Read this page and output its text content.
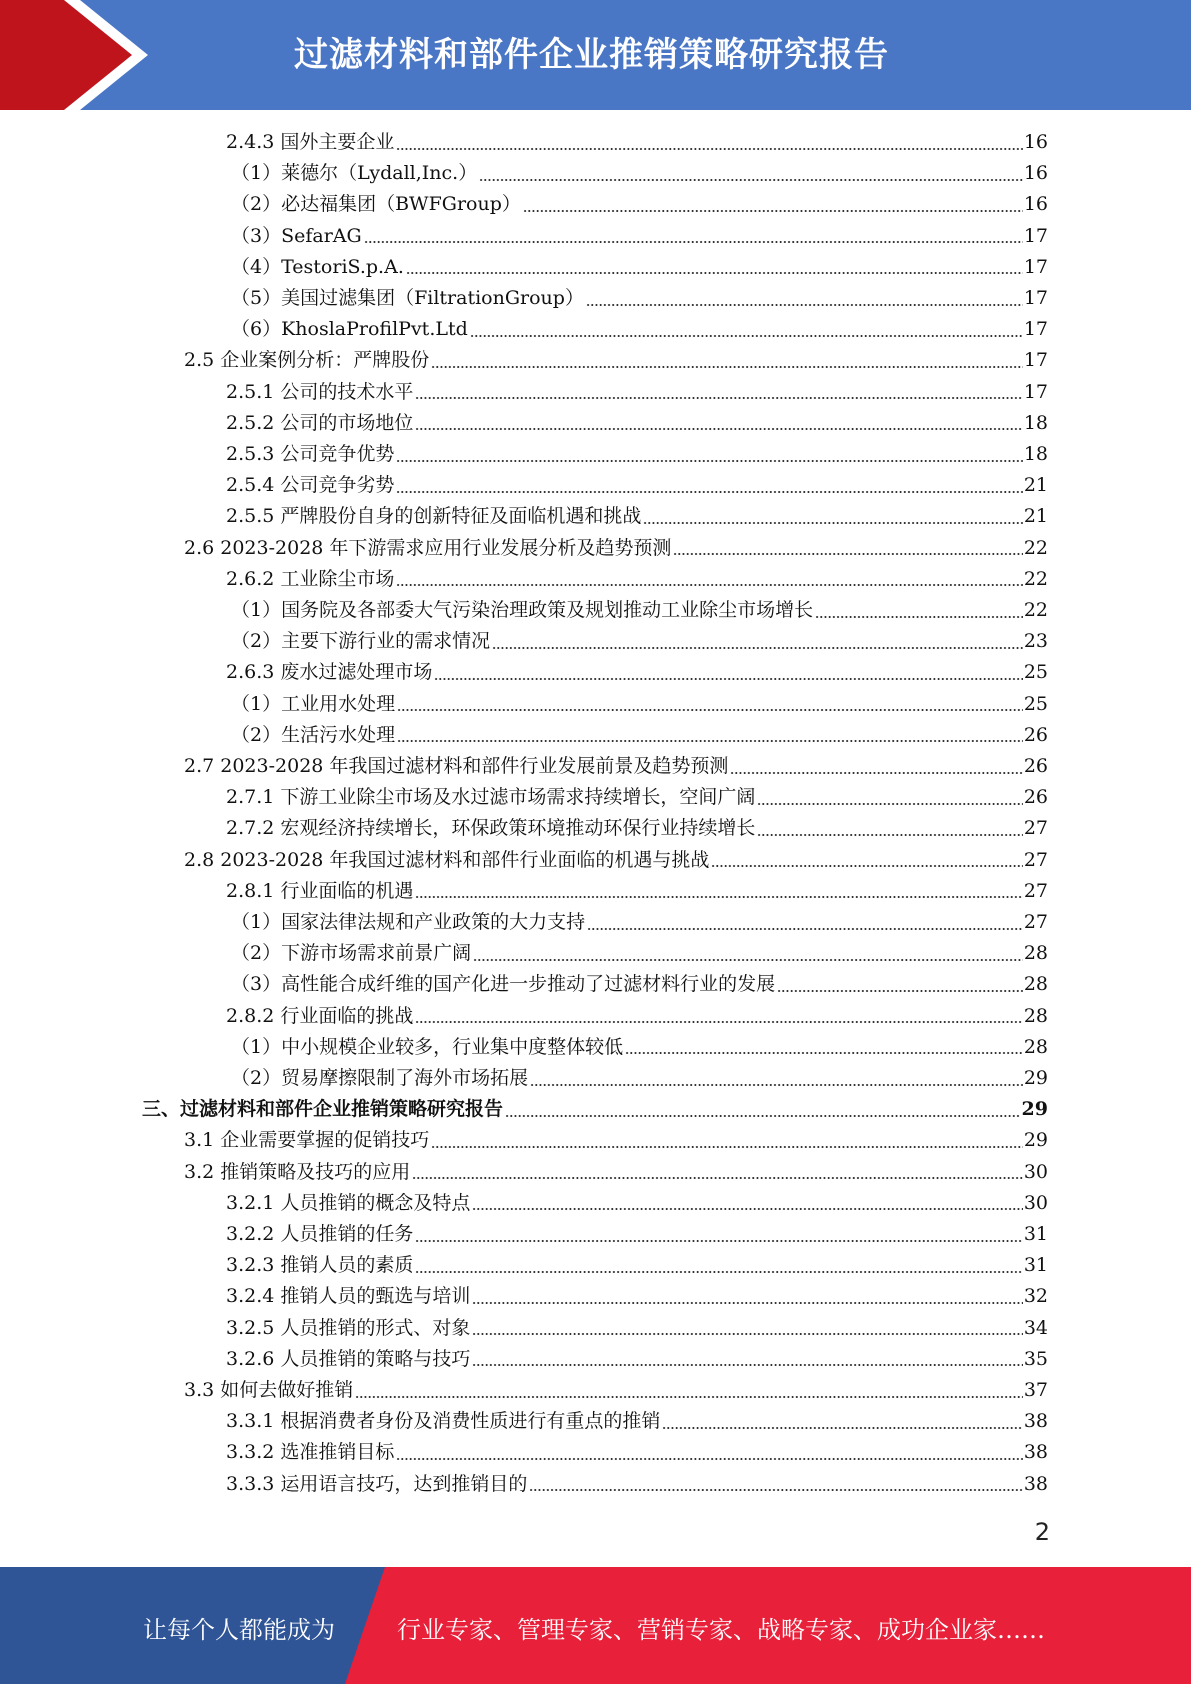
过滤材料和部件企业推销策略研究报告
2.4.3 国外主要企业	16
（1）莱德尔（Lydall,Inc.）	16
（2）必达福集团（BWFGroup）	16
（3）SefarAG	17
（4）TestoriS.p.A.	17
（5）美国过滤集团（FiltrationGroup）	17
（6）KhoslaProfilPvt.Ltd	17
2.5 企业案例分析：严牌股份	17
2.5.1 公司的技术水平	17
2.5.2 公司的市场地位	18
2.5.3 公司竞争优势	18
2.5.4 公司竞争劣势	21
2.5.5 严牌股份自身的创新特征及面临机遇和挑战	21
2.6 2023-2028 年下游需求应用行业发展分析及趋势预测	22
2.6.2 工业除尘市场	22
（1）国务院及各部委大气污染治理政策及规划推动工业除尘市场增长	22
（2）主要下游行业的需求情况	23
2.6.3 废水过滤处理市场	25
（1）工业用水处理	25
（2）生活污水处理	26
2.7 2023-2028 年我国过滤材料和部件行业发展前景及趋势预测	26
2.7.1 下游工业除尘市场及水过滤市场需求持续增长，空间广阔	26
2.7.2 宏观经济持续增长，环保政策环境推动环保行业持续增长	27
2.8 2023-2028 年我国过滤材料和部件行业面临的机遇与挑战	27
2.8.1 行业面临的机遇	27
（1）国家法律法规和产业政策的大力支持	27
（2）下游市场需求前景广阔	28
（3）高性能合成纤维的国产化进一步推动了过滤材料行业的发展	28
2.8.2 行业面临的挑战	28
（1）中小规模企业较多，行业集中度整体较低	28
（2）贸易摩擦限制了海外市场拓展	29
三、过滤材料和部件企业推销策略研究报告	29
3.1 企业需要掌握的促销技巧	29
3.2 推销策略及技巧的应用	30
3.2.1 人员推销的概念及特点	30
3.2.2 人员推销的任务	31
3.2.3 推销人员的素质	31
3.2.4 推销人员的甄选与培训	32
3.2.5 人员推销的形式、对象	34
3.2.6 人员推销的策略与技巧	35
3.3 如何去做好推销	37
3.3.1 根据消费者身份及消费性质进行有重点的推销	38
3.3.2 选准推销目标	38
3.3.3 运用语言技巧，达到推销目的	38
2
让每个人都能成为	行业专家、管理专家、营销专家、战略专家、成功企业家……
